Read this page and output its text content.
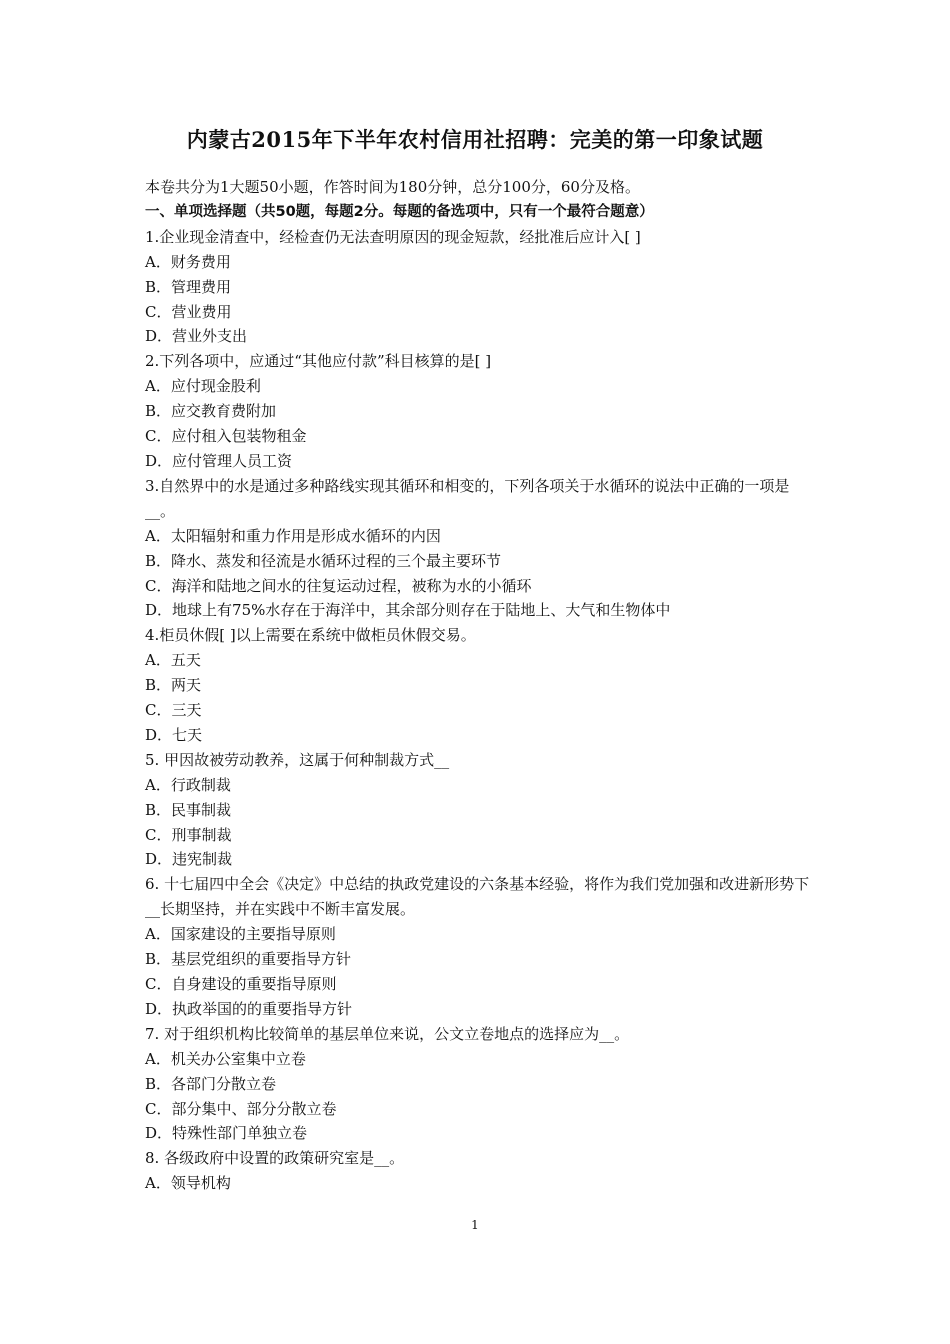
内蒙古2015年下半年农村信用社招聘：完美的第一印象试题
本卷共分为1大题50小题，作答时间为180分钟，总分100分，60分及格。
一、单项选择题（共50题，每题2分。每题的备选项中，只有一个最符合题意）
1.企业现金清查中，经检查仍无法查明原因的现金短款，经批准后应计入[ ]
A．财务费用
B．管理费用
C．营业费用
D．营业外支出
2.下列各项中，应通过“其他应付款”科目核算的是[ ]
A．应付现金股利
B．应交教育费附加
C．应付租入包装物租金
D．应付管理人员工资
3.自然界中的水是通过多种路线实现其循环和相变的，下列各项关于水循环的说法中正确的一项是__。
A．太阳辐射和重力作用是形成水循环的内因
B．降水、蒸发和径流是水循环过程的三个最主要环节
C．海洋和陆地之间水的往复运动过程，被称为水的小循环
D．地球上有75%水存在于海洋中，其余部分则存在于陆地上、大气和生物体中
4.柜员休假[ ]以上需要在系统中做柜员休假交易。
A．五天
B．两天
C．三天
D．七天
5. 甲因故被劳动教养，这属于何种制裁方式__
A．行政制裁
B．民事制裁
C．刑事制裁
D．违宪制裁
6. 十七届四中全会《决定》中总结的执政党建设的六条基本经验，将作为我们党加强和改进新形势下__长期坚持，并在实践中不断丰富发展。
A．国家建设的主要指导原则
B．基层党组织的重要指导方针
C．自身建设的重要指导原则
D．执政举国的的重要指导方针
7. 对于组织机构比较简单的基层单位来说，公文立卷地点的选择应为__。
A．机关办公室集中立卷
B．各部门分散立卷
C．部分集中、部分分散立卷
D．特殊性部门单独立卷
8. 各级政府中设置的政策研究室是__。
A．领导机构
1
